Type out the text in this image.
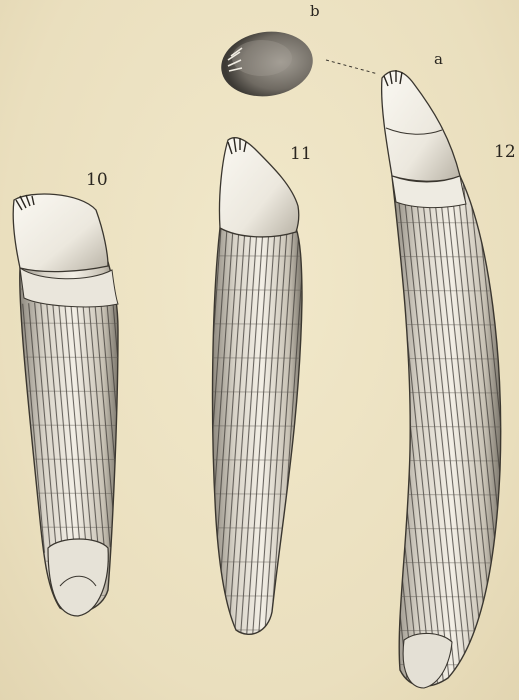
b
a
10
11	12
